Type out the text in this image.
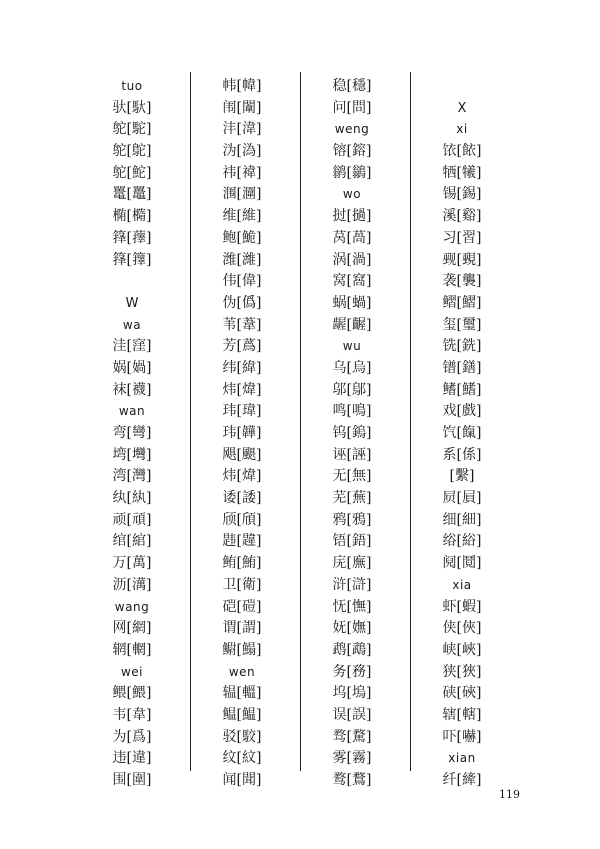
tuo
驮[馱]
鸵[駝]
鸵[鴕]
鸵[鮀]
鼍[鼉]
椭[橢]
箨[蘀]
箨[籜]
W
wa
洼[窪]
娲[媧]
袜[襪]
wan
弯[彎]
塆[壪]
湾[灣]
纨[紈]
顽[頑]
绾[綰]
万[萬]
沥[澫]
wang
网[網]
辋[輞]
wei
鳂[鰃]
韦[韋]
为[爲]
违[違]
围[圍]
帏[幃]
闱[闈]
沣[湋]
沩[溈]
祎[褘]
涠[潿]
维[維]
鲍[鮠]
潍[濰]
伟[偉]
伪[僞]
苇[葦]
芳[蔿]
纬[緯]
炜[煒]
玮[瑋]
玮[韡]
飓[颶]
炜[煒]
诿[諉]
颀[頎]
韪[韙]
鲔[鮪]
卫[衛]
硙[磑]
谓[謂]
鳚[鰨]
wen
辒[轀]
鳁[鰛]
驳[駮]
纹[紋]
闻[聞]
稳[穩]
问[問]
weng
镕[鎔]
鹟[鶲]
wo
挝[撾]
莴[萵]
涡[渦]
窝[窩]
蜗[蝸]
龌[齷]
wu
乌[烏]
邬[鄔]
鸣[鳴]
钨[鎢]
诬[誣]
无[無]
芜[蕪]
鸦[鴉]
铻[鋙]
庑[廡]
浒[滸]
怃[憮]
妩[嫵]
鹉[鵡]
务[務]
坞[塢]
误[誤]
骛[騖]
雾[霧]
鹜[鶩]
X
xi
饻[餏]
牺[犧]
锡[錫]
溪[谿]
习[習]
觋[覡]
袭[襲]
鳛[鰼]
玺[璽]
铣[銑]
镨[鐥]
鳍[鰭]
戏[戲]
饩[餼]
系[係]
[繫]
屃[屓]
细[細]
绤[綌]
阋[鬩]
xia
虾[蝦]
侠[俠]
峡[峽]
狭[狹]
硖[硤]
辖[轄]
吓[嚇]
xian
纤[縴]
119
